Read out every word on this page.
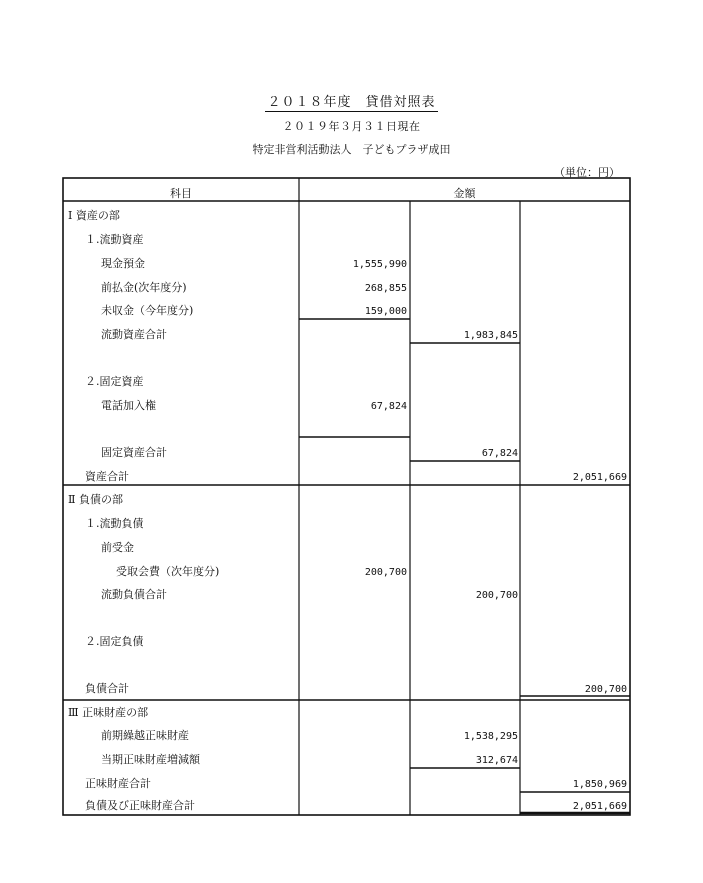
２０１８年度　貸借対照表
２０１９年３月３１日現在
特定非営利活動法人　子どもプラザ成田
（単位：円）
科目	金額
Ⅰ 資産の部
１.流動資産
現金預金	1,555,990
前払金(次年度分)	268,855
未収金（今年度分)	159,000
流動資産合計	1,983,845
２.固定資産
電話加入権	67,824
固定資産合計	67,824
資産合計	2,051,669
Ⅱ 負債の部
１.流動負債
前受金
受取会費（次年度分)	200,700
流動負債合計	200,700
２.固定負債
負債合計	200,700
Ⅲ 正味財産の部
前期繰越正味財産	1,538,295
当期正味財産増減額	312,674
正味財産合計	1,850,969
負債及び正味財産合計	2,051,669
